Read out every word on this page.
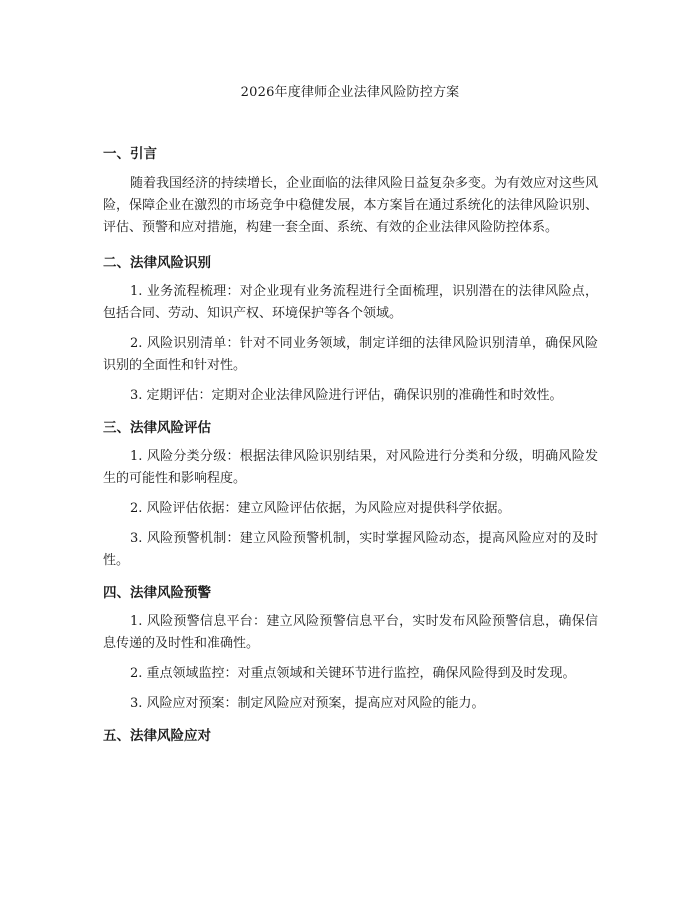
2026年度律师企业法律风险防控方案

一、引言

随着我国经济的持续增长，企业面临的法律风险日益复杂多变。为有效应对这些风险，保障企业在激烈的市场竞争中稳健发展，本方案旨在通过系统化的法律风险识别、评估、预警和应对措施，构建一套全面、系统、有效的企业法律风险防控体系。

二、法律风险识别

1. 业务流程梳理：对企业现有业务流程进行全面梳理，识别潜在的法律风险点，包括合同、劳动、知识产权、环境保护等各个领域。

2. 风险识别清单：针对不同业务领域，制定详细的法律风险识别清单，确保风险识别的全面性和针对性。

3. 定期评估：定期对企业法律风险进行评估，确保识别的准确性和时效性。

三、法律风险评估

1. 风险分类分级：根据法律风险识别结果，对风险进行分类和分级，明确风险发生的可能性和影响程度。

2. 风险评估依据：建立风险评估依据，为风险应对提供科学依据。

3. 风险预警机制：建立风险预警机制，实时掌握风险动态，提高风险应对的及时性。

四、法律风险预警

1. 风险预警信息平台：建立风险预警信息平台，实时发布风险预警信息，确保信息传递的及时性和准确性。

2. 重点领域监控：对重点领域和关键环节进行监控，确保风险得到及时发现。

3. 风险应对预案：制定风险应对预案，提高应对风险的能力。

五、法律风险应对
